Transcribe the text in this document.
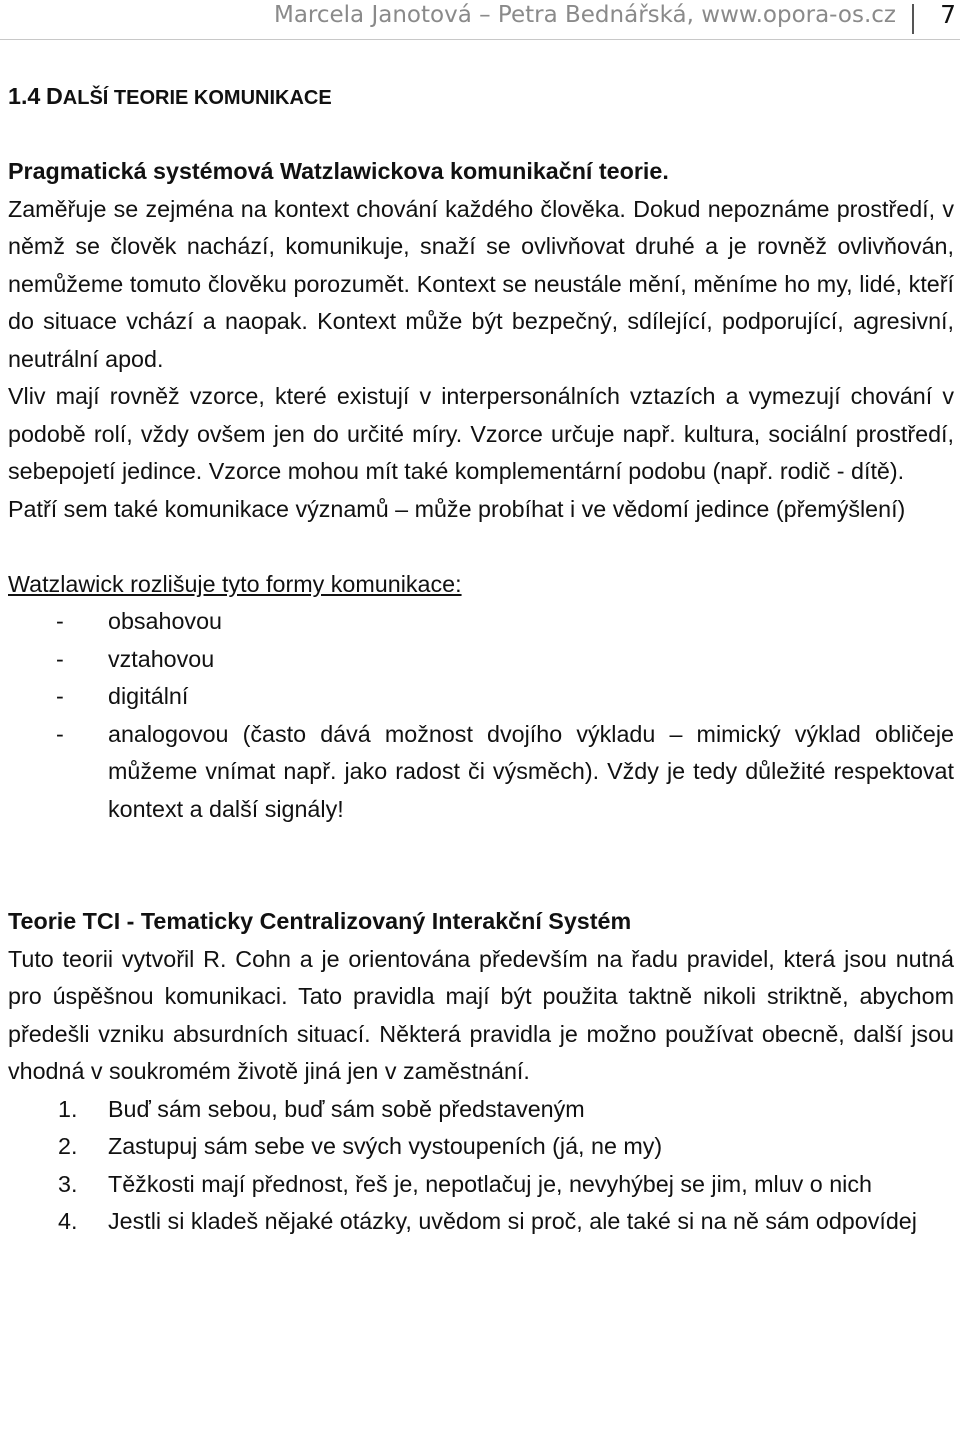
Marcela Janotová – Petra Bednářská, www.opora-os.cz 7
1.4 DALŠÍ TEORIE KOMUNIKACE
Pragmatická systémová Watzlawickova komunikační teorie.

Zaměřuje se zejména na kontext chování každého člověka. Dokud nepoznáme prostředí, v němž se člověk nachází, komunikuje, snaží se ovlivňovat druhé a je rovněž ovlivňován, nemůžeme tomuto člověku porozumět. Kontext se neustále mění, měníme ho my, lidé, kteří do situace vchází a naopak. Kontext může být bezpečný, sdílející, podporující, agresivní, neutrální apod.

Vliv mají rovněž vzorce, které existují v interpersonálních vztazích a vymezují chování v podobě rolí, vždy ovšem jen do určité míry. Vzorce určuje např. kultura, sociální prostředí, sebepojetí jedince. Vzorce mohou mít také komplementární podobu (např. rodič - dítě).

Patří sem také komunikace významů – může probíhat i ve vědomí jedince (přemýšlení)

Watzlawick rozlišuje tyto formy komunikace:
- obsahovou
- vztahovou
- digitální
- analogovou (často dává možnost dvojího výkladu – mimický výklad obličeje můžeme vnímat např. jako radost či výsměch). Vždy je tedy důležité respektovat kontext a další signály!
Teorie TCI - Tematicky Centralizovaný Interakční Systém

Tuto teorii vytvořil R. Cohn a je orientována především na řadu pravidel, která jsou nutná pro úspěšnou komunikaci. Tato pravidla mají být použita taktně nikoli striktně, abychom předešli vzniku absurdních situací. Některá pravidla je možno používat obecně, další jsou vhodná v soukromém životě jiná jen v zaměstnání.

1. Buď sám sebou, buď sám sobě představeným
2. Zastupuj sám sebe ve svých vystoupeních (já, ne my)
3. Těžkosti mají přednost, řeš je, nepotlačuj je, nevyhýbej se jim, mluv o nich
4. Jestli si kladeš nějaké otázky, uvědom si proč, ale také si na ně sám odpovídej
